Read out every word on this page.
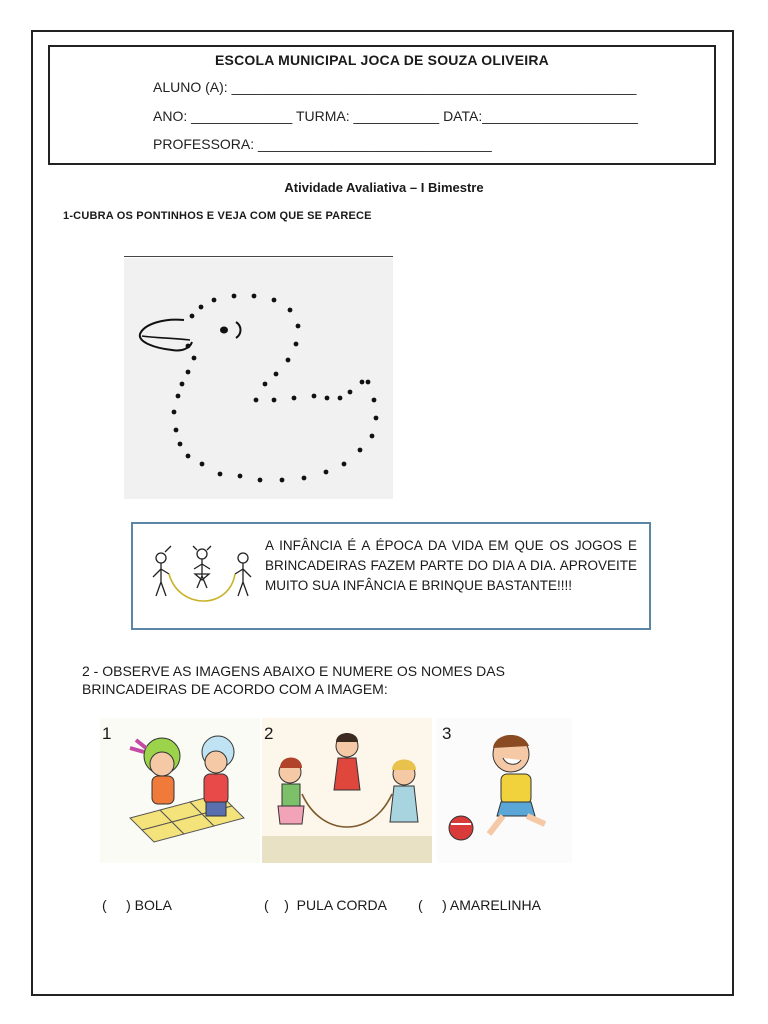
ESCOLA MUNICIPAL JOCA DE SOUZA OLIVEIRA
ALUNO (A): ____________________________________________________
ANO: _____________ TURMA: ___________ DATA:____________________
PROFESSORA: ______________________________
Atividade Avaliativa – I Bimestre
1-CUBRA OS PONTINHOS E VEJA COM QUE SE PARECE
A INFÂNCIA É A ÉPOCA DA VIDA EM QUE OS JOGOS E BRINCADEIRAS FAZEM PARTE DO DIA A DIA. APROVEITE MUITO SUA INFÂNCIA E BRINQUE BASTANTE!!!!
2 - OBSERVE AS IMAGENS ABAIXO E NUMERE OS NOMES DAS BRINCADEIRAS DE ACORDO COM A IMAGEM:
1	2	3
(     ) BOLA	(    )  PULA CORDA (     ) AMARELINHA
